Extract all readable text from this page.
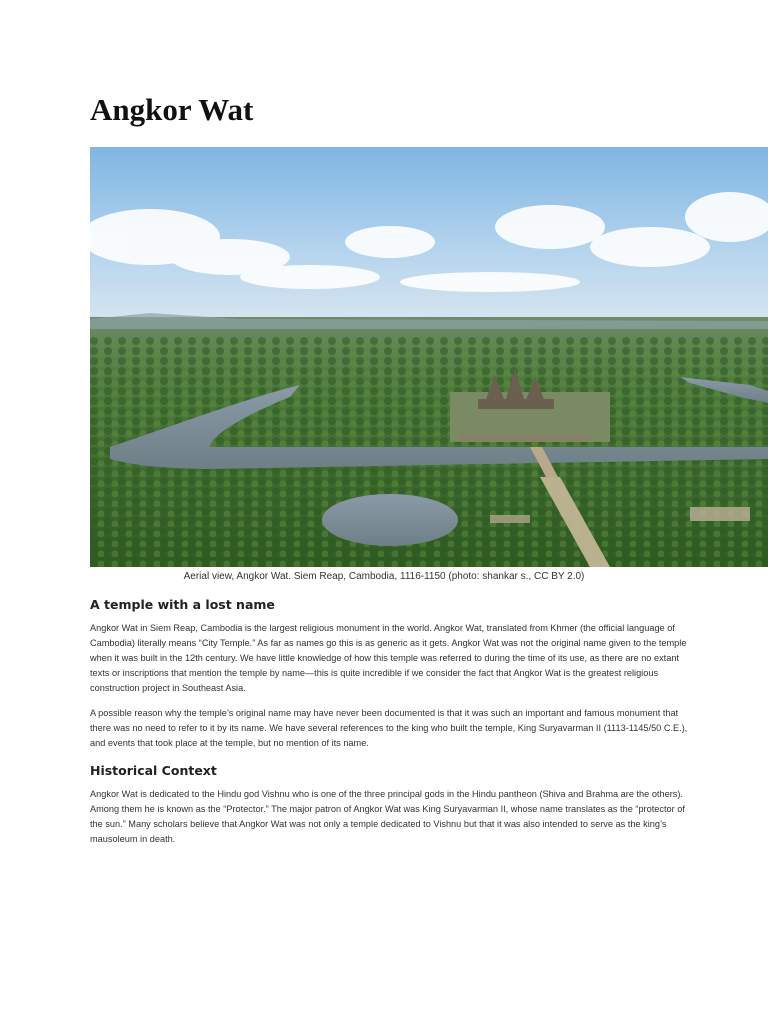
Angkor Wat

Aerial view, Angkor Wat. Siem Reap, Cambodia, 1116-1150 (photo: shankar s., CC BY 2.0)

A temple with a lost name

Angkor Wat in Siem Reap, Cambodia is the largest religious monument in the world. Angkor Wat, translated from Khmer (the official language of Cambodia) literally means “City Temple.” As far as names go this is as generic as it gets. Angkor Wat was not the original name given to the temple when it was built in the 12th century. We have little knowledge of how this temple was referred to during the time of its use, as there are no extant texts or inscriptions that mention the temple by name—this is quite incredible if we consider the fact that Angkor Wat is the greatest religious construction project in Southeast Asia.

A possible reason why the temple’s original name may have never been documented is that it was such an important and famous monument that there was no need to refer to it by its name. We have several references to the king who built the temple, King Suryavarman II (1113-1145/50 C.E.), and events that took place at the temple, but no mention of its name.

Historical Context

Angkor Wat is dedicated to the Hindu god Vishnu who is one of the three principal gods in the Hindu pantheon (Shiva and Brahma are the others). Among them he is known as the “Protector.” The major patron of Angkor Wat was King Suryavarman II, whose name translates as the “protector of the sun.” Many scholars believe that Angkor Wat was not only a temple dedicated to Vishnu but that it was also intended to serve as the king’s mausoleum in death.
